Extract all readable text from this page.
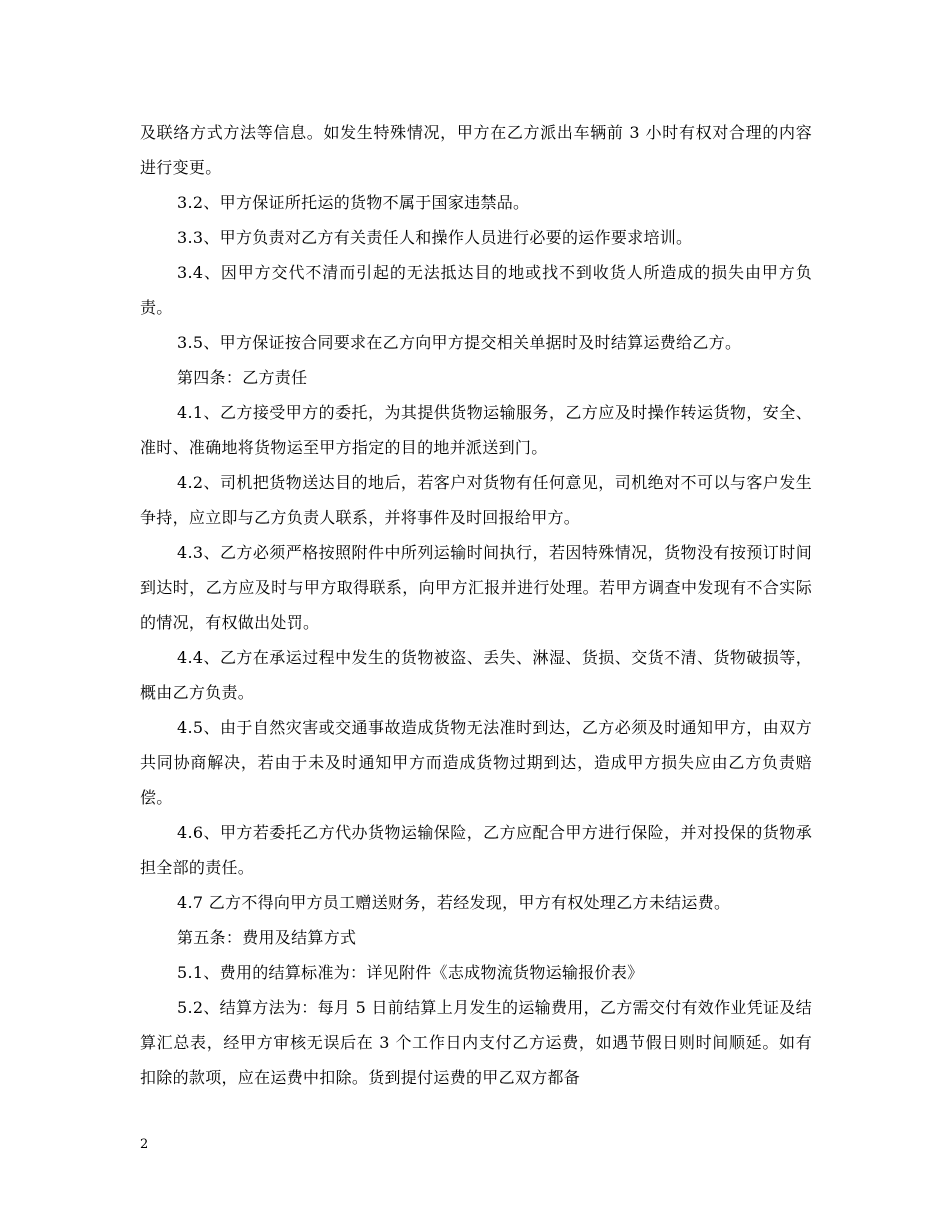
及联络方式方法等信息。如发生特殊情况，甲方在乙方派出车辆前 3 小时有权对合理的内容进行变更。

3.2、甲方保证所托运的货物不属于国家违禁品。

3.3、甲方负责对乙方有关责任人和操作人员进行必要的运作要求培训。

3.4、因甲方交代不清而引起的无法抵达目的地或找不到收货人所造成的损失由甲方负责。

3.5、甲方保证按合同要求在乙方向甲方提交相关单据时及时结算运费给乙方。

第四条：乙方责任

4.1、乙方接受甲方的委托，为其提供货物运输服务，乙方应及时操作转运货物，安全、准时、准确地将货物运至甲方指定的目的地并派送到门。

4.2、司机把货物送达目的地后，若客户对货物有任何意见，司机绝对不可以与客户发生争持，应立即与乙方负责人联系，并将事件及时回报给甲方。

4.3、乙方必须严格按照附件中所列运输时间执行，若因特殊情况，货物没有按预订时间到达时，乙方应及时与甲方取得联系，向甲方汇报并进行处理。若甲方调查中发现有不合实际的情况，有权做出处罚。

4.4、乙方在承运过程中发生的货物被盗、丢失、淋湿、货损、交货不清、货物破损等，概由乙方负责。

4.5、由于自然灾害或交通事故造成货物无法准时到达，乙方必须及时通知甲方，由双方共同协商解决，若由于未及时通知甲方而造成货物过期到达，造成甲方损失应由乙方负责赔偿。

4.6、甲方若委托乙方代办货物运输保险，乙方应配合甲方进行保险，并对投保的货物承担全部的责任。

4.7 乙方不得向甲方员工赠送财务，若经发现，甲方有权处理乙方未结运费。

第五条：费用及结算方式

5.1、费用的结算标准为：详见附件《志成物流货物运输报价表》

5.2、结算方法为：每月 5 日前结算上月发生的运输费用，乙方需交付有效作业凭证及结算汇总表，经甲方审核无误后在 3 个工作日内支付乙方运费，如遇节假日则时间顺延。如有扣除的款项，应在运费中扣除。货到提付运费的甲乙双方都备

2
